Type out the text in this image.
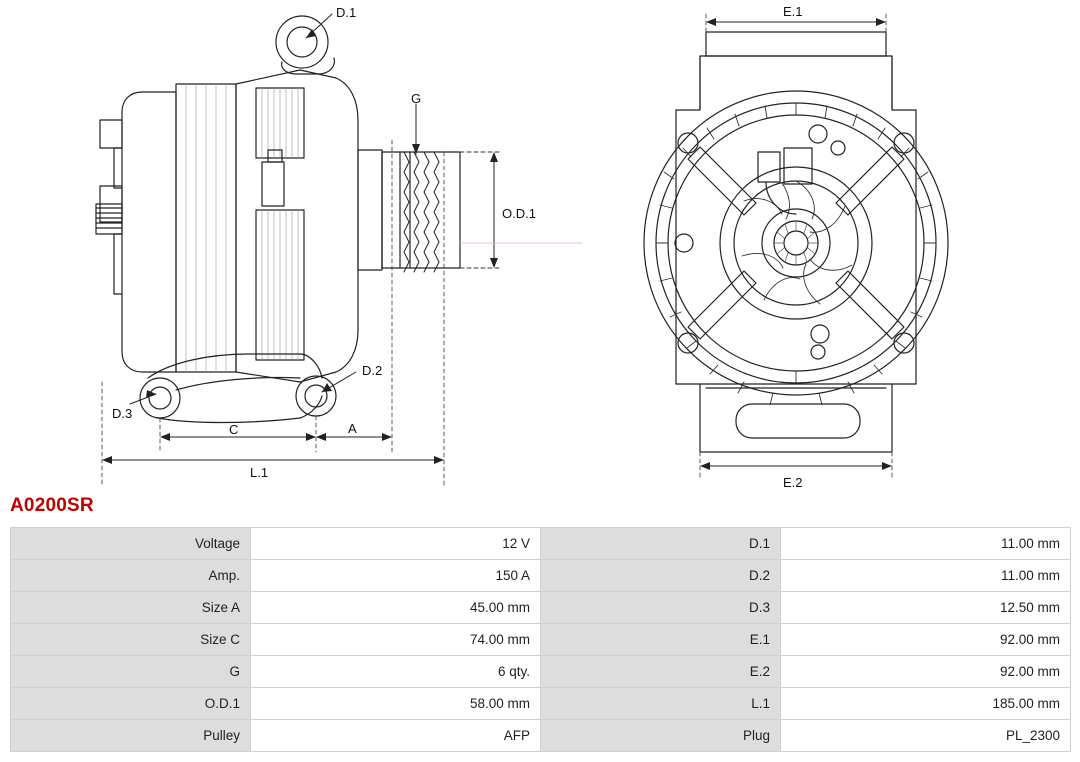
D.1
D.2
D.3
G
O.D.1
C	A
L.1
E.1
E.2
A0200SR
Voltage	12 V	D.1	11.00 mm
Amp.	150 A	D.2	11.00 mm
Size A	45.00 mm	D.3	12.50 mm
Size C	74.00 mm	E.1	92.00 mm
G	6 qty.	E.2	92.00 mm
O.D.1	58.00 mm	L.1	185.00 mm
Pulley	AFP	Plug	PL_2300
